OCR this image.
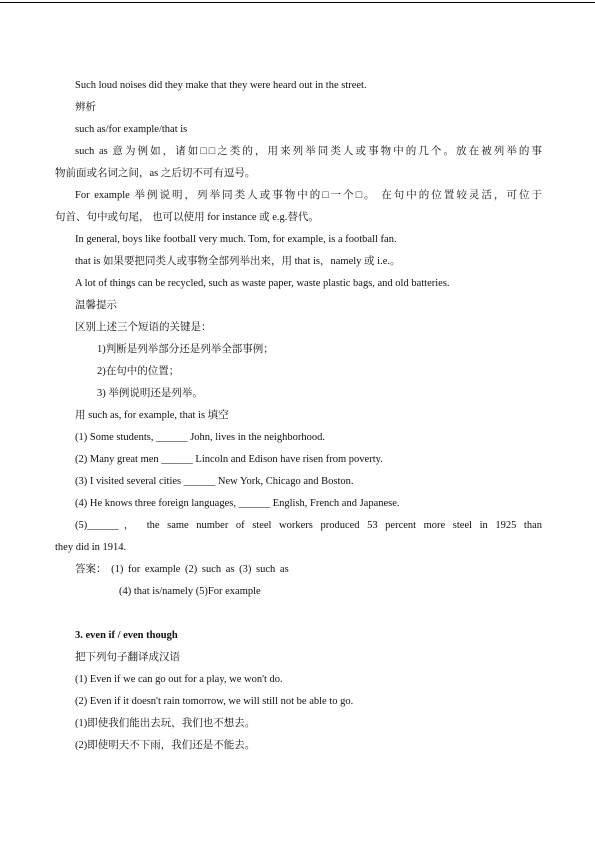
Such loud noises did they make that they were heard out in the street.
辨析
such as/for example/that is
such as 意为例如，诸如□□之类的，用来列举同类人或事物中的几个。放在被列举的事
物前面或名词之间，as 之后切不可有逗号。
For example 举例说明，列举同类人或事物中的□一个□。 在句中的位置较灵活，可位于
句首、句中或句尾， 也可以使用 for instance 或 e.g.替代。
In general, boys like football very much. Tom, for example, is a football fan.
that is 如果要把同类人或事物全部列举出来，用 that is，namely 或 i.e.。
A lot of things can be recycled, such as waste paper, waste plastic bags, and old batteries.
温馨提示
区别上述三个短语的关键是：
1)判断是列举部分还是列举全部事例；
2)在句中的位置；
3) 举例说明还是列举。
用 such as, for example, that is 填空
(1) Some students, ______ John, lives in the neighborhood.
(2) Many great men ______ Lincoln and Edison have risen from poverty.
(3) I visited several cities ______ New York, Chicago and Boston.
(4) He knows three foreign languages, ______ English, French and Japanese.
(5)______， the same number of steel workers produced 53 percent more steel in 1925 than
they did in 1914.
答案： (1) for example (2) such as (3) such as
(4) that is/namely (5)For example
3. even if / even though
把下列句子翻译成汉语
(1) Even if we can go out for a play, we won't do.
(2) Even if it doesn't rain tomorrow, we will still not be able to go.
(1)即使我们能出去玩，我们也不想去。
(2)即使明天不下雨，我们还是不能去。
